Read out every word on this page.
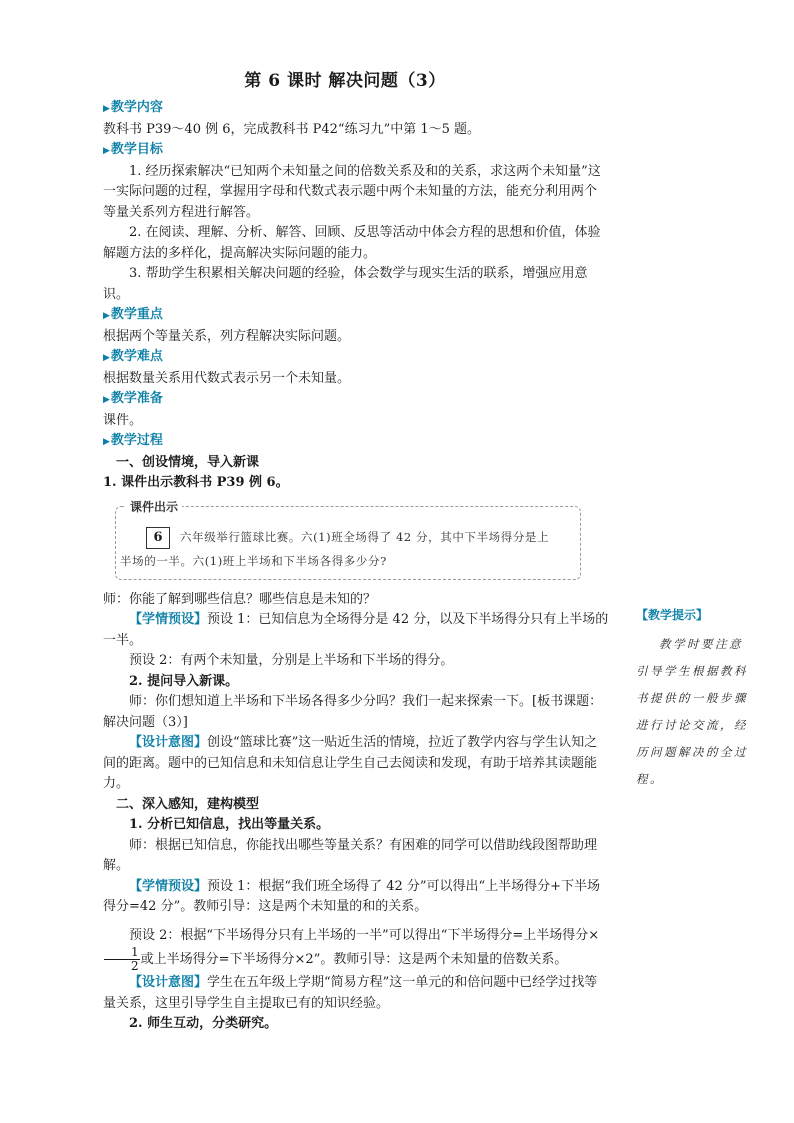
第 6 课时 解决问题（3）
▶教学内容

教科书 P39～40 例 6，完成教科书 P42“练习九”中第 1～5 题。

▶教学目标

1. 经历探索解决“已知两个未知量之间的倍数关系及和的关系，求这两个未知量”这一实际问题的过程，掌握用字母和代数式表示题中两个未知量的方法，能充分利用两个等量关系列方程进行解答。

2. 在阅读、理解、分析、解答、回顾、反思等活动中体会方程的思想和价值，体验解题方法的多样化，提高解决实际问题的能力。

3. 帮助学生积累相关解决问题的经验，体会数学与现实生活的联系，增强应用意识。

▶教学重点

根据两个等量关系，列方程解决实际问题。

▶教学难点

根据数量关系用代数式表示另一个未知量。

▶教学准备

课件。

▶教学过程

一、创设情境，导入新课

1. 课件出示教科书 P39 例 6。

课件出示
6	六年级举行篮球比赛。六(1)班全场得了 42 分，其中下半场得分是上
半场的一半。六(1)班上半场和下半场各得多少分?

师：你能了解到哪些信息？哪些信息是未知的？

【学情预设】预设 1：已知信息为全场得分是 42 分，以及下半场得分只有上半场的一半。

预设 2：有两个未知量，分别是上半场和下半场的得分。

2. 提问导入新课。

师：你们想知道上半场和下半场各得多少分吗？我们一起来探索一下。[板书课题：解决问题（3）]

【设计意图】创设“篮球比赛”这一贴近生活的情境，拉近了教学内容与学生认知之间的距离。题中的已知信息和未知信息让学生自己去阅读和发现，有助于培养其读题能力。

二、深入感知，建构模型

1. 分析已知信息，找出等量关系。

师：根据已知信息，你能找出哪些等量关系？有困难的同学可以借助线段图帮助理解。

【学情预设】预设 1：根据“我们班全场得了 42 分”可以得出“上半场得分+下半场得分=42 分”。教师引导：这是两个未知量的和的关系。

预设 2：根据“下半场得分只有上半场的一半”可以得出“下半场得分=上半场得分×
$\frac{1}{2}$ 或上半场得分=下半场得分×2”。教师引导：这是两个未知量的倍数关系。

【设计意图】学生在五年级上学期“简易方程”这一单元的和倍问题中已经学过找等量关系，这里引导学生自主提取已有的知识经验。

2. 师生互动，分类研究。

【教学提示】
教学时要注意引导学生根据教科书提供的一般步骤进行讨论交流，经历问题解决的全过程。
